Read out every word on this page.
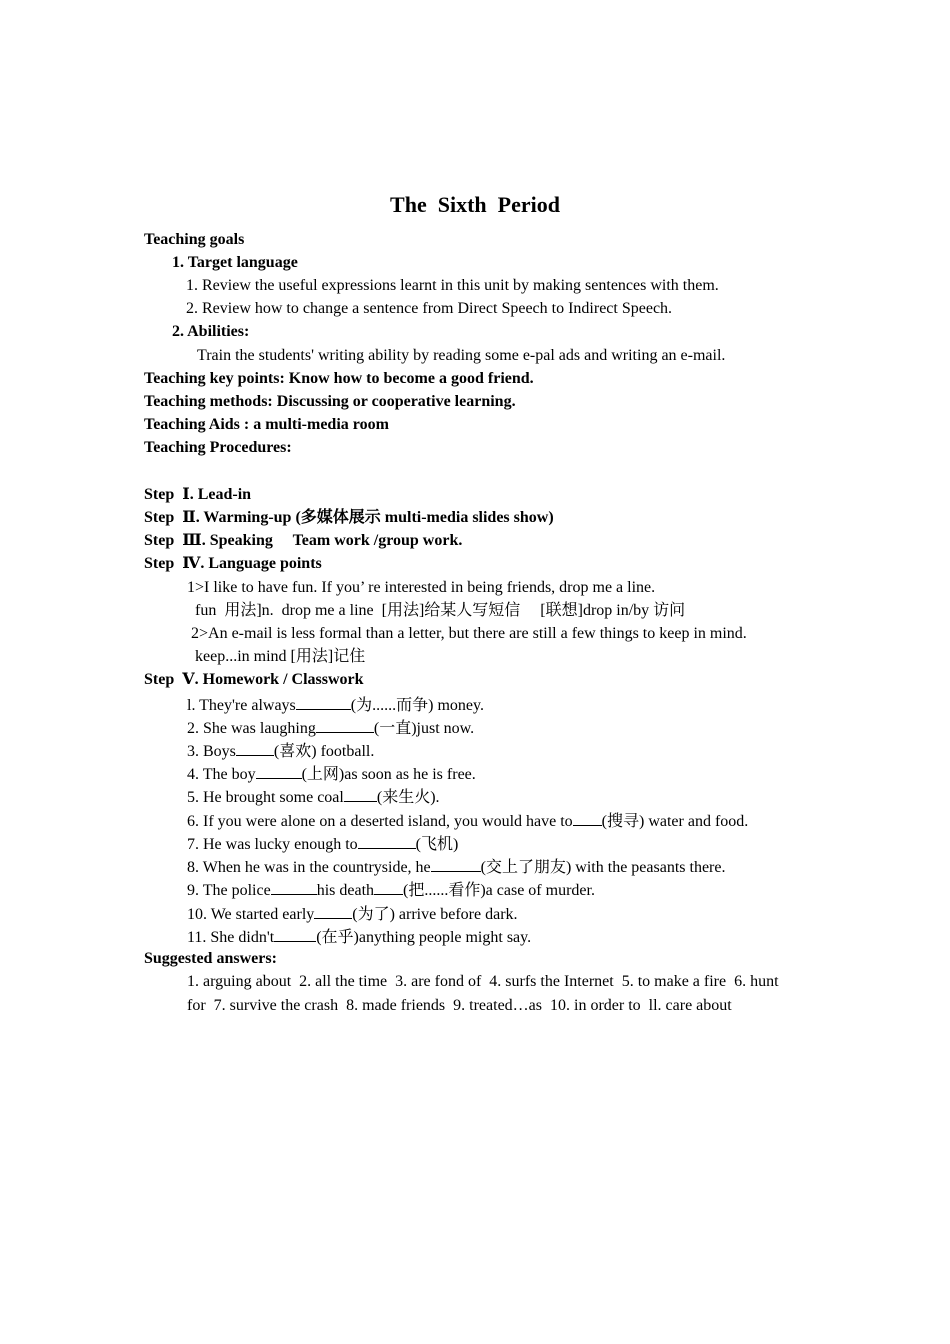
The  Sixth  Period
Teaching goals
1. Target language
1. Review the useful expressions learnt in this unit by making sentences with them.
2. Review how to change a sentence from Direct Speech to Indirect Speech.
2. Abilities:
Train the students' writing ability by reading some e-pal ads and writing an e-mail.
Teaching key points: Know how to become a good friend.
Teaching methods: Discussing or cooperative learning.
Teaching Aids : a multi-media room
Teaching Procedures:
Step  Ⅰ. Lead-in
Step  Ⅱ. Warming-up (多媒体展示 multi-media slides show)
Step  Ⅲ. Speaking     Team work /group work.
Step  Ⅳ. Language points
1>I like to have fun. If you’ re interested in being friends, drop me a line.
fun  用法]n.  drop me a line  [用法]给某人写短信     [联想]drop in/by 访问
2>An e-mail is less formal than a letter, but there are still a few things to keep in mind.
keep...in mind [用法]记住
Step  Ⅴ. Homework / Classwork
l. They're always	(为......而争) money.
2. She was laughing	(一直)just now.
3. Boys (喜欢) football.
4. The boy	(上网)as soon as he is free.
5. He brought some coal (来生火).
6. If you were alone on a deserted island, you would have to (搜寻) water and food.
7. He was lucky enough to	(飞机)
8. When he was in the countryside, he	(交上了朋友) with the peasants there.
9. The police	his death (把......看作)a case of murder.
10. We started early (为了) arrive before dark.
11. She didn't	(在乎)anything people might say.
Suggested answers:
1. arguing about  2. all the time  3. are fond of  4. surfs the Internet  5. to make a fire  6. hunt
for  7. survive the crash  8. made friends  9. treated…as  10. in order to  ll. care about
